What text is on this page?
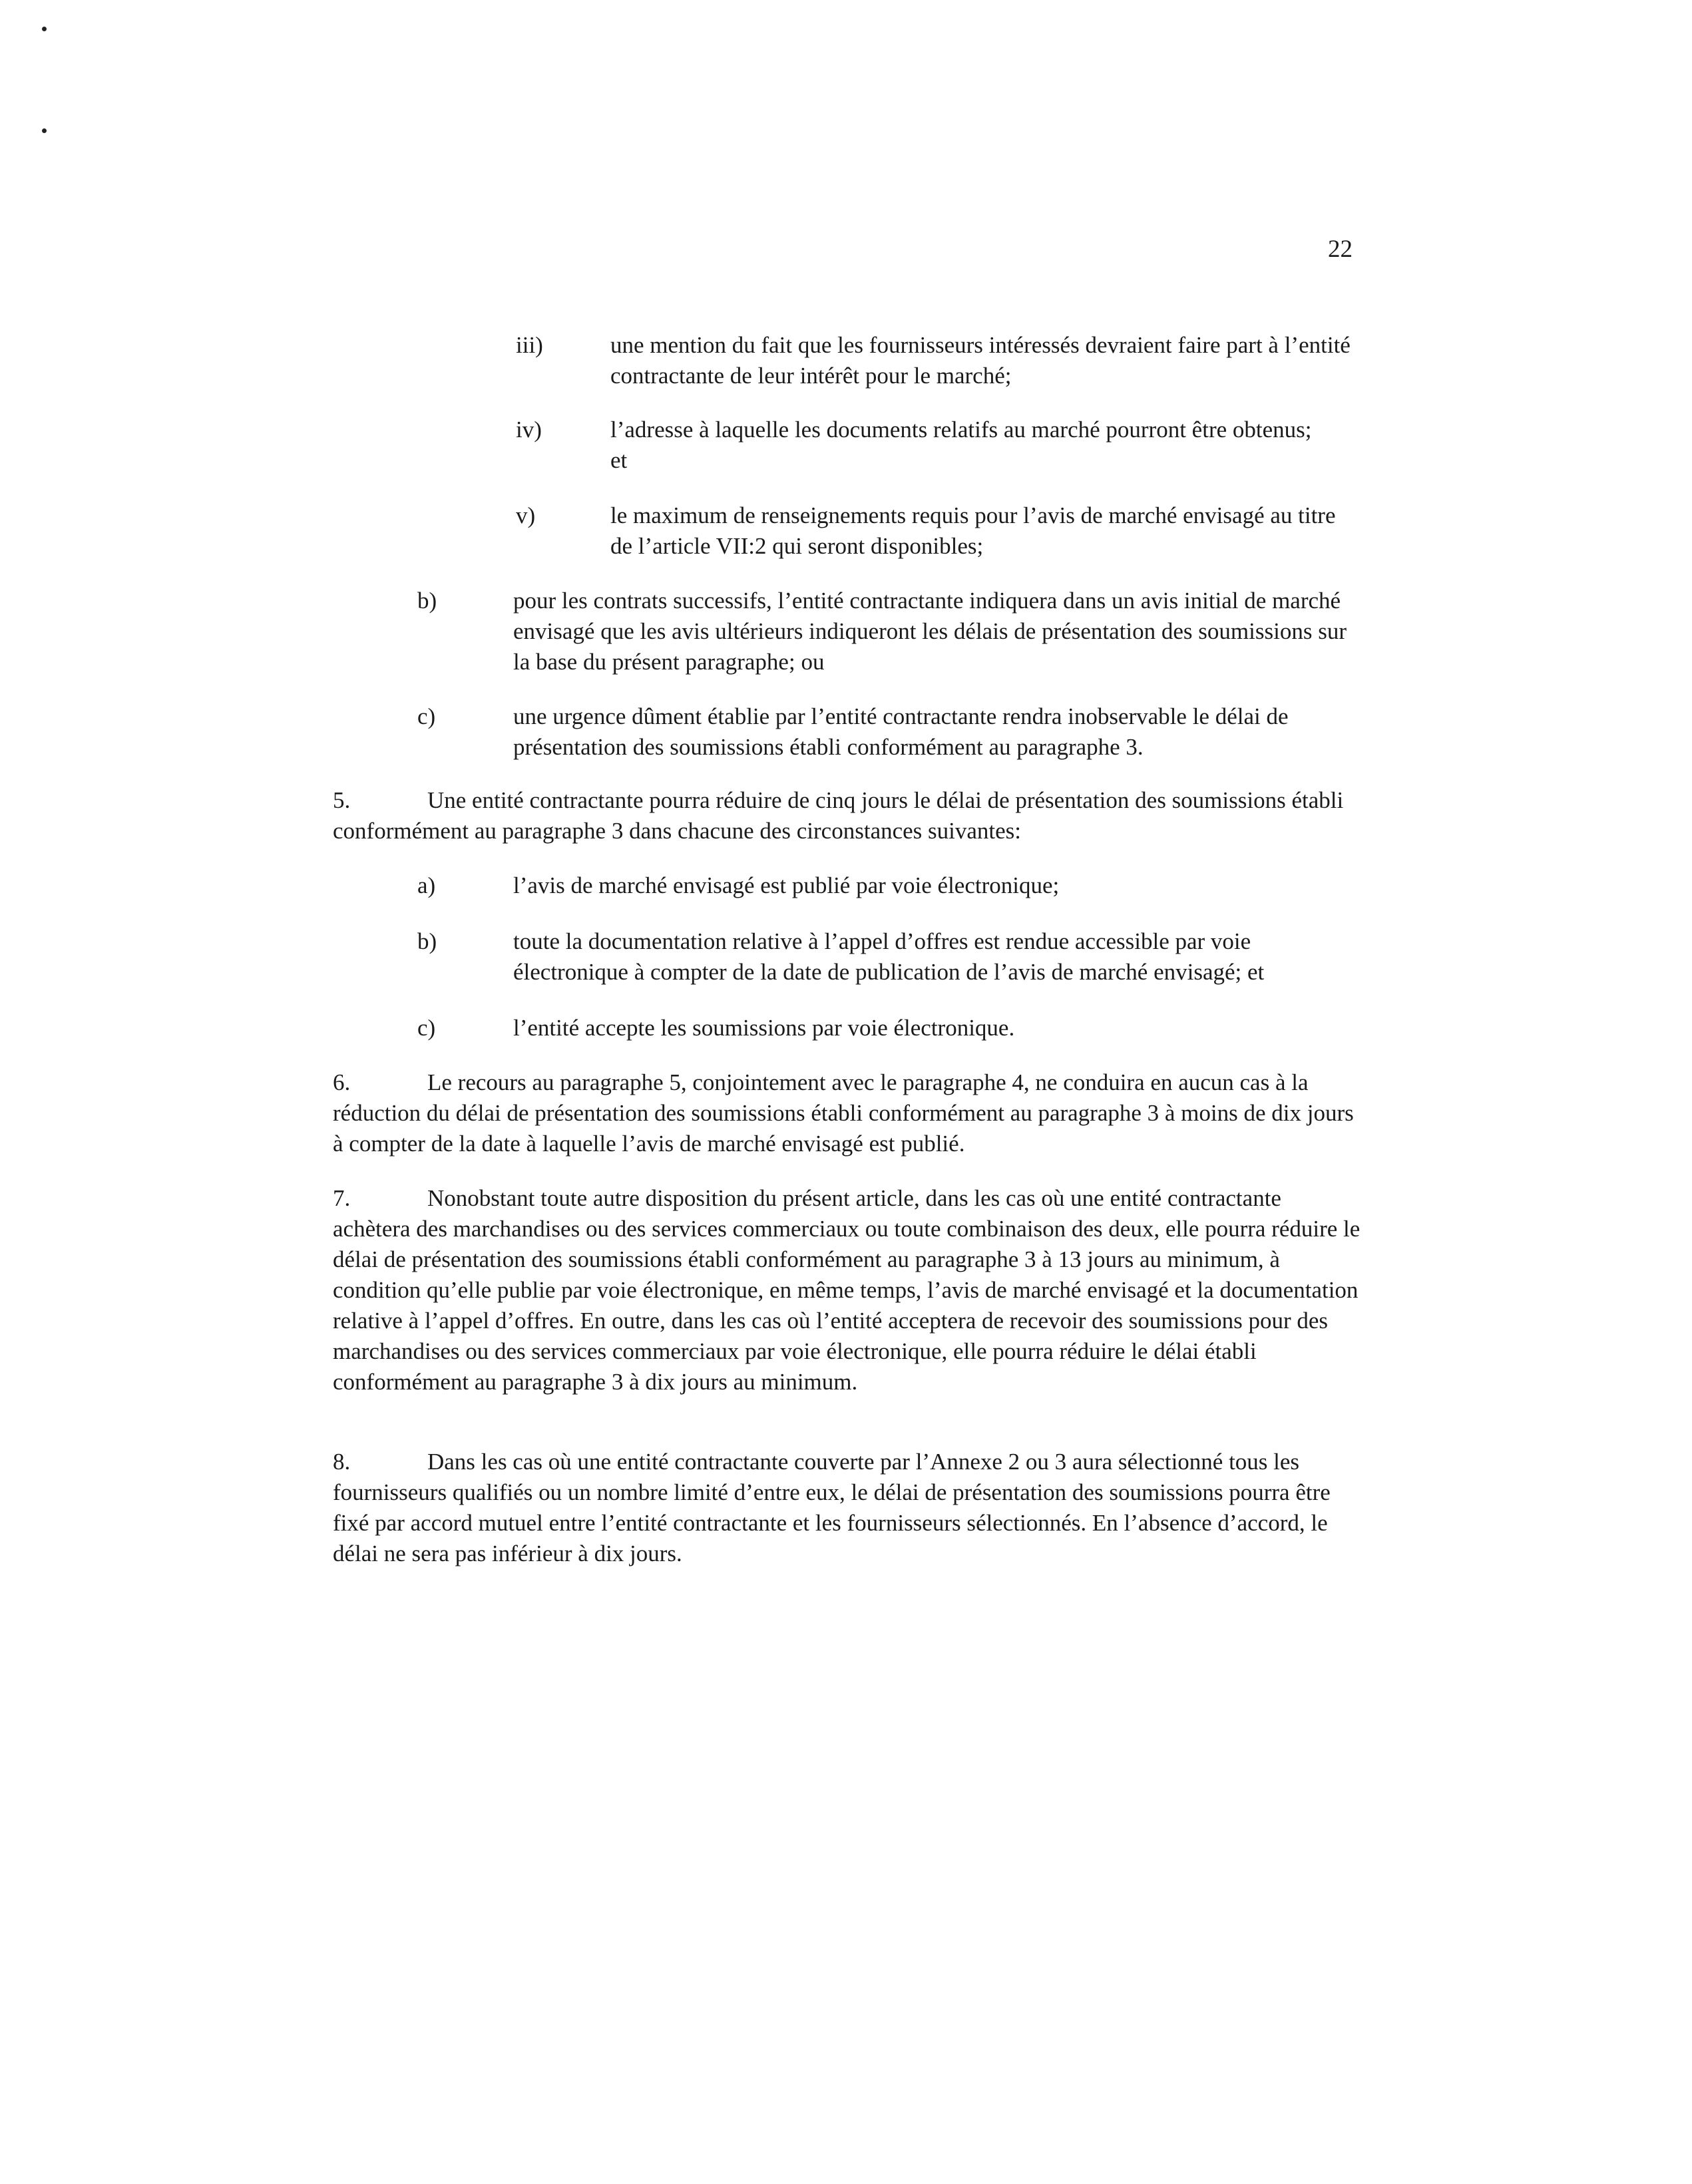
22
iii)	une mention du fait que les fournisseurs intéressés devraient faire part à l’entité contractante de leur intérêt pour le marché;
iv)	l’adresse à laquelle les documents relatifs au marché pourront être obtenus; et
v)	le maximum de renseignements requis pour l’avis de marché envisagé au titre de l’article VII:2 qui seront disponibles;
b)	pour les contrats successifs, l’entité contractante indiquera dans un avis initial de marché envisagé que les avis ultérieurs indiqueront les délais de présentation des soumissions sur la base du présent paragraphe; ou
c)	une urgence dûment établie par l’entité contractante rendra inobservable le délai de présentation des soumissions établi conformément au paragraphe 3.
5.	Une entité contractante pourra réduire de cinq jours le délai de présentation des soumissions établi conformément au paragraphe 3 dans chacune des circonstances suivantes:
a)	l’avis de marché envisagé est publié par voie électronique;
b)	toute la documentation relative à l’appel d’offres est rendue accessible par voie électronique à compter de la date de publication de l’avis de marché envisagé; et
c)	l’entité accepte les soumissions par voie électronique.
6.	Le recours au paragraphe 5, conjointement avec le paragraphe 4, ne conduira en aucun cas à la réduction du délai de présentation des soumissions établi conformément au paragraphe 3 à moins de dix jours à compter de la date à laquelle l’avis de marché envisagé est publié.
7.	Nonobstant toute autre disposition du présent article, dans les cas où une entité contractante achètera des marchandises ou des services commerciaux ou toute combinaison des deux, elle pourra réduire le délai de présentation des soumissions établi conformément au paragraphe 3 à 13 jours au minimum, à condition qu’elle publie par voie électronique, en même temps, l’avis de marché envisagé et la documentation relative à l’appel d’offres. En outre, dans les cas où l’entité acceptera de recevoir des soumissions pour des marchandises ou des services commerciaux par voie électronique, elle pourra réduire le délai établi conformément au paragraphe 3 à dix jours au minimum.
8.	Dans les cas où une entité contractante couverte par l’Annexe 2 ou 3 aura sélectionné tous les fournisseurs qualifiés ou un nombre limité d’entre eux, le délai de présentation des soumissions pourra être fixé par accord mutuel entre l’entité contractante et les fournisseurs sélectionnés. En l’absence d’accord, le délai ne sera pas inférieur à dix jours.
